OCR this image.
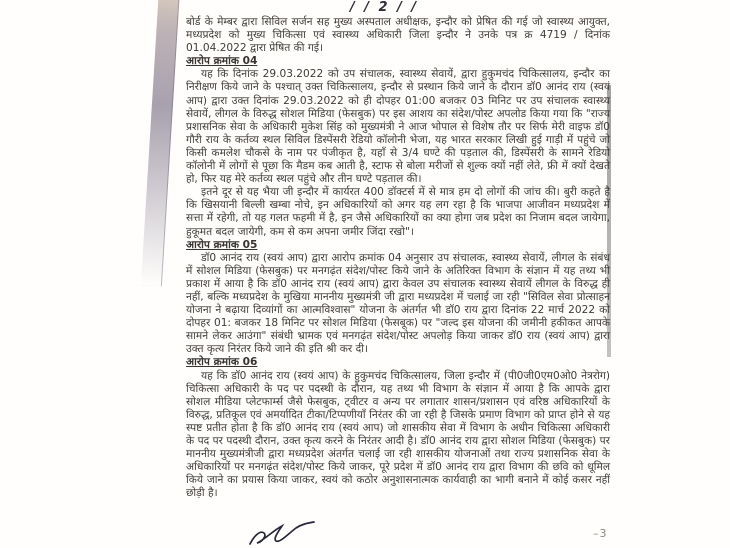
/ / 2 / /

बोर्ड के मेम्बर द्वारा सिविल सर्जन सह मुख्य अस्पताल अधीक्षक, इन्दौर को प्रेषित की गई जो स्वास्थ्य आयुक्त, मध्यप्रदेश को मुख्य चिकित्सा एवं स्वास्थ्य अधिकारी जिला इन्दौर ने उनके पत्र क्र 4719 / दिनांक 01.04.2022 द्वारा प्रेषित की गई।

आरोप क्रमांक 04

यह कि दिनांक 29.03.2022 को उप संचालक, स्वास्थ्य सेवायें, द्वारा हुकुमचंद चिकित्सालय, इन्दौर का निरीक्षण किये जाने के पश्चात् उक्त चिकित्सालय, इन्दौर से प्रस्थान किये जाने के दौरान डॉ0 आनंद राय (स्वयं आप) द्वारा उक्त दिनांक 29.03.2022 को ही दोपहर 01:00 बजकर 03 मिनिट पर उप संचालक स्वास्थ्य सेवायें, लीगल के विरुद्ध सोशल मिडिया (फेसबुक) पर इस आशय का संदेश/पोस्ट अपलोड किया गया कि "राज्य प्रशासनिक सेवा के अधिकारी मुकेश सिंह को मुख्यमंत्री ने आज भोपाल से विशेष तौर पर सिर्फ मेरी वाइफ डॉ0 गौरी राय के कर्तव्य स्थल सिविल डिस्पेंसरी रेडियो कॉलोनी भेजा, यह भारत सरकार लिखी हुई गाड़ी में पहुंचे जो किसी कमलेश चौकसे के नाम पर पंजीकृत है, यहाँ से 3/4 घण्टे की पड़ताल की, डिस्पेंसरी के सामने रेडियो कॉलोनी में लोगों से पूछा कि मैडम कब आती है, स्टाफ से बोला मरीजों से शुल्क क्यों नहीं लेते, फ्री में क्यों देखते हो, फिर यह मेरे कर्तव्य स्थल पहुंचे और तीन घण्टे पड़ताल की।

इतने दूर से यह भैया जी इन्दौर में कार्यरत 400 डॉक्टर्स में से मात्र हम दो लोगों की जांच की। बुरी कहते है कि खिसयानी बिल्ली खम्बा नोचे, इन अधिकारियों को अगर यह लग रहा है कि भाजपा आजीवन मध्यप्रदेश में सत्ता में रहेगी, तो यह गलत फहमी में है, इन जैसे अधिकारियों का क्या होगा जब प्रदेश का निजाम बदल जायेगा, हुकूमत बदल जायेगी, कम से कम अपना जमीर जिंदा रखो"।

आरोप क्रमांक 05

डॉ0 आनंद राय (स्वयं आप) द्वारा आरोप क्रमांक 04 अनुसार उप संचालक, स्वास्थ्य सेवायें, लीगल के संबंध में सोशल मिडिया (फेसबुक) पर मनगढ़ंत संदेश/पोस्ट किये जाने के अतिरिक्त विभाग के संज्ञान में यह तथ्य भी प्रकाश में आया है कि डॉ0 आनंद राय (स्वयं आप) द्वारा केवल उप संचालक स्वास्थ्य सेवायें लीगल के विरुद्ध ही नहीं, बल्कि मध्यप्रदेश के मुखिया माननीय मुख्यमंत्री जी द्वारा मध्यप्रदेश में चलाई जा रही "सिविल सेवा प्रोत्साहन योजना ने बढ़ाया दिव्यांगों का आत्मविश्वास" योजना के अंतर्गत भी डॉ0 राय द्वारा दिनांक 22 मार्च 2022 को दोपहर 01: बजकर 18 मिनिट पर सोशल मिडिया (फेसबूक) पर "जल्द इस योजना की जमीनी हकीकत आपके सामने लेकर आउंगा" संबंधी भ्रामक एवं मनगढ़ंत संदेश/पोस्ट अपलोड़ किया जाकर डॉ0 राय (स्वयं आप) द्वारा उक्त कृत्य निरंतर किये जाने की इति श्री कर दी।

आरोप क्रमांक 06

यह कि डॉ0 आनंद राय (स्वयं आप) के हुकुमचंद चिकित्सालय, जिला इन्दौर में (पी0जी0एम0ओ0 नेत्ररोग) चिकित्सा अधिकारी के पद पर पदस्थी के दौरान, यह तथ्य भी विभाग के संज्ञान में आया है कि आपके द्वारा सोशल मीडिया प्लेटफार्म्स जैसे फेसबुक, ट्वीटर व अन्य पर लगातार शासन/प्रशासन एवं वरिष्ठ अधिकारियों के विरुद्ध, प्रतिकूल एवं अमर्यादित टीका/टिप्पणीयाँ निरंतर की जा रही है जिसके प्रमाण विभाग को प्राप्त होने से यह स्पष्ट प्रतीत होता है कि डॉ0 आनंद राय (स्वयं आप) जो शासकीय सेवा में विभाग के अधीन चिकित्सा अधिकारी के पद पर पदस्थी दौरान, उक्त कृत्य करने के निरंतर आदी है। डॉ0 आनंद राय द्वारा सोशल मिडिया (फेसबुक) पर माननीय मुख्यमंत्रीजी द्वारा मध्यप्रदेश अंतर्गत चलाई जा रही शासकीय योजनाओं तथा राज्य प्रशासनिक सेवा के अधिकारियों पर मनगढ़ंत संदेश/पोस्ट किये जाकर, पूरे प्रदेश में डॉ0 आनंद राय द्वारा विभाग की छवि को धूमिल किये जाने का प्रयास किया जाकर, स्वयं को कठोर अनुशासनात्मक कार्यवाही का भागी बनाने में कोई कसर नहीं छोड़ी है।

–3
